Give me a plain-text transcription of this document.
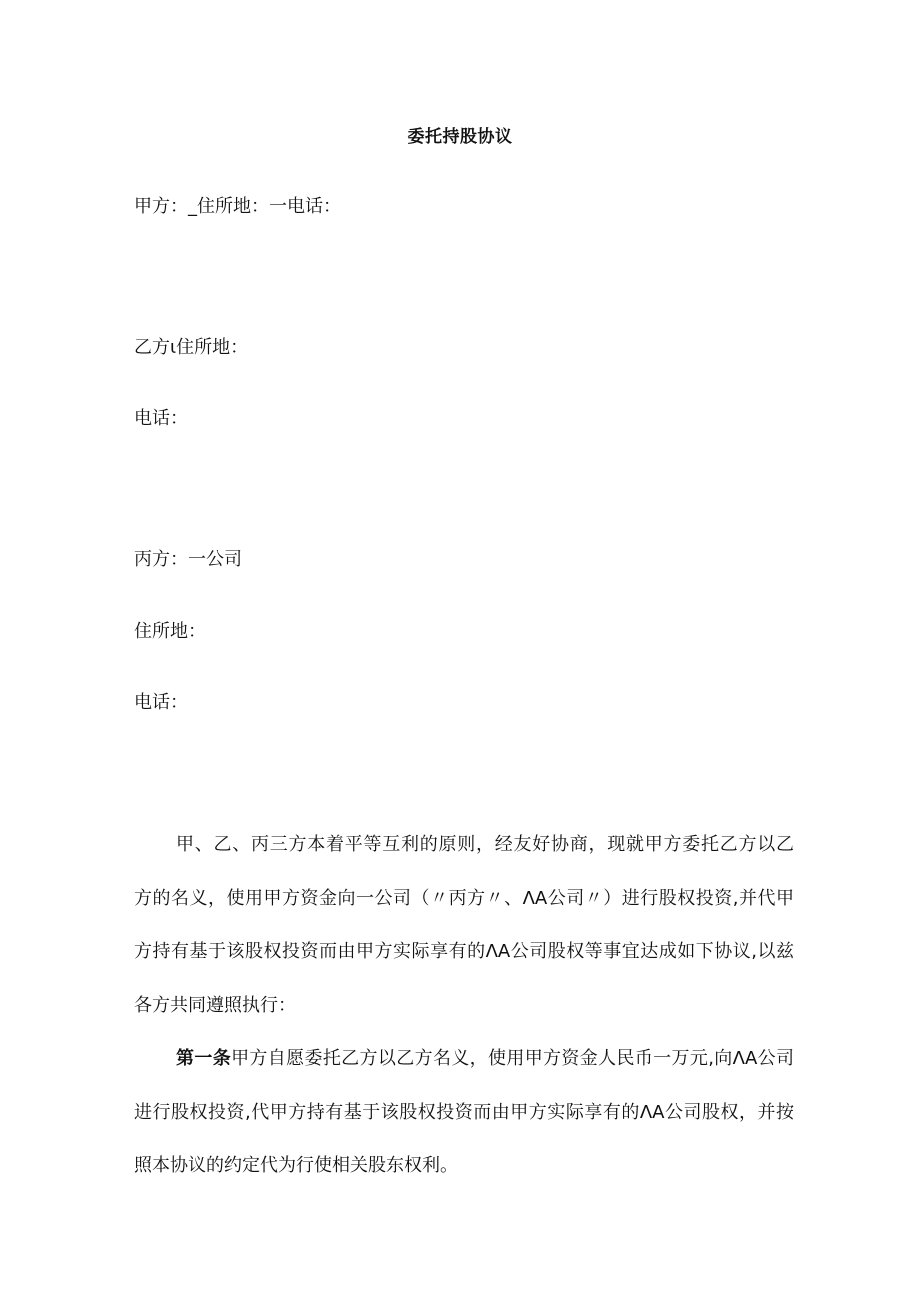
委托持股协议
甲方：_住所地：一电话：
乙方ι住所地：
电话：
丙方：一公司
住所地：
电话：
甲、乙、丙三方本着平等互利的原则，经友好协商，现就甲方委托乙方以乙
方的名义，使用甲方资金向一公司（〃丙方〃、ΛA公司〃）进行股权投资,并代甲
方持有基于该股权投资而由甲方实际享有的ΛA公司股权等事宜达成如下协议,以兹
各方共同遵照执行：
第一条甲方自愿委托乙方以乙方名义，使用甲方资金人民币一万元,向ΛA公司
进行股权投资,代甲方持有基于该股权投资而由甲方实际享有的ΛA公司股权，并按
照本协议的约定代为行使相关股东权利。
